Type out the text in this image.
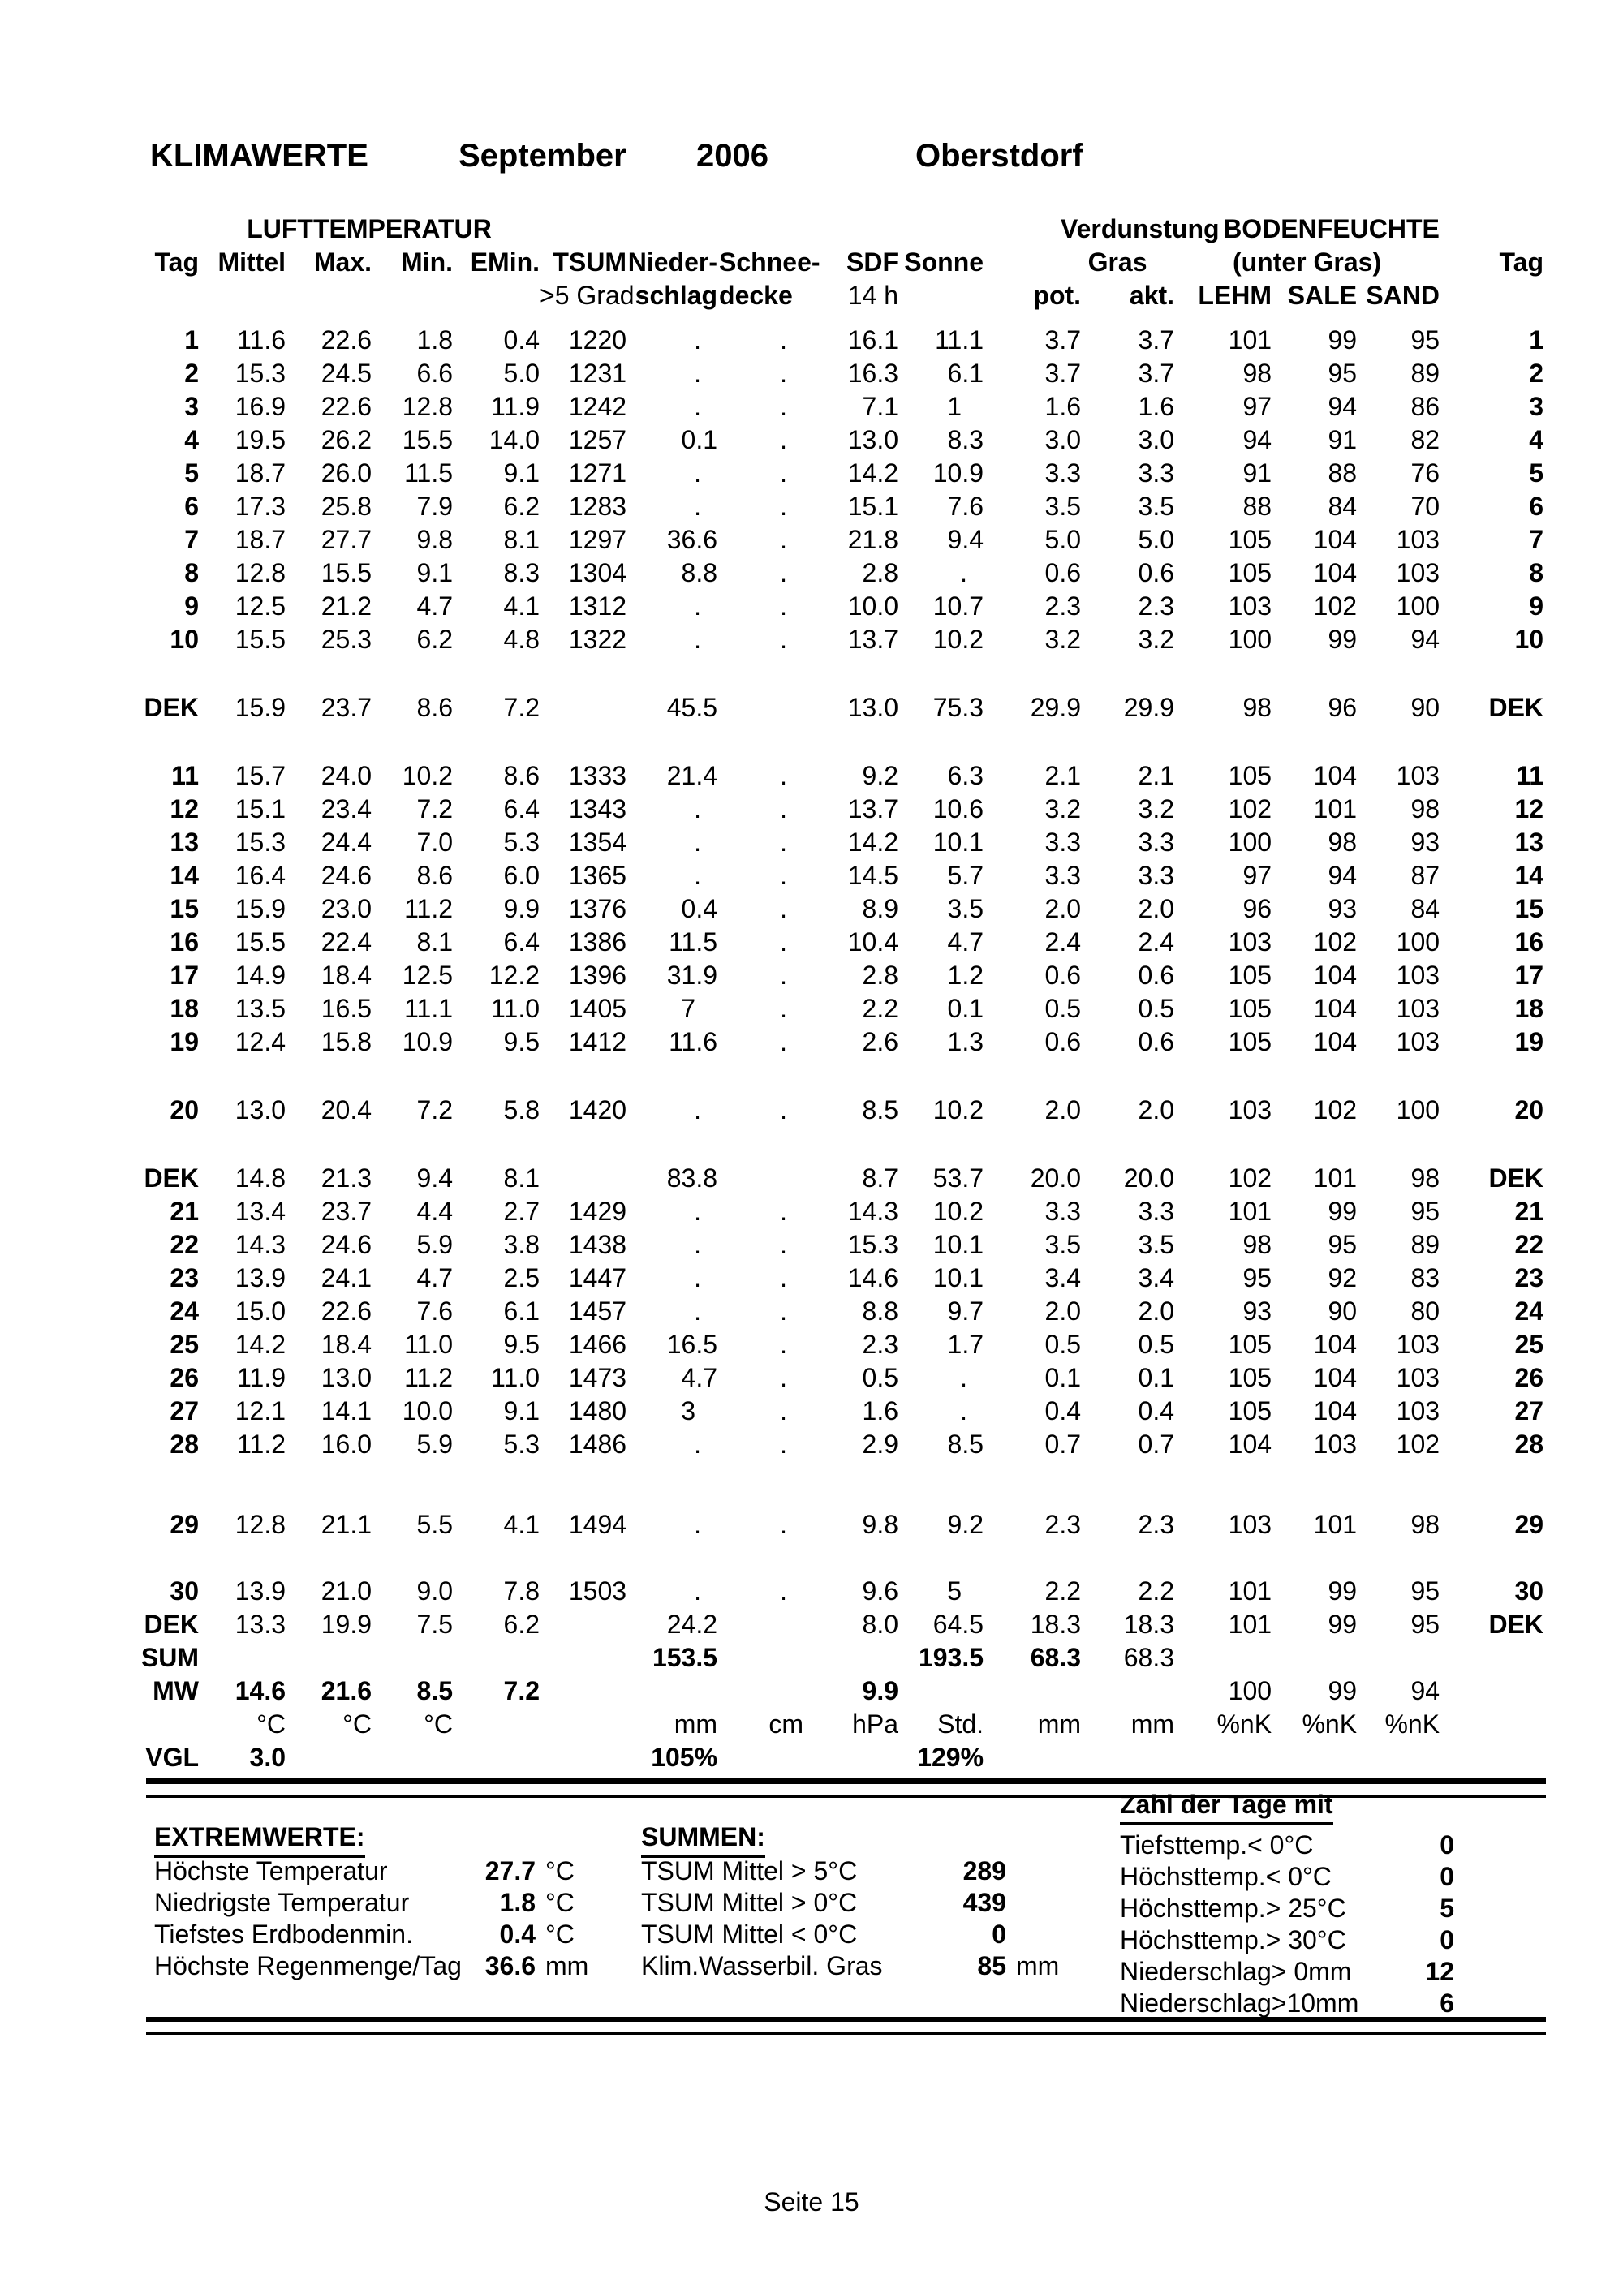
KLIMAWERTE	September 2006	Oberstdorf
	LUFTTEMPERATUR									Verdunstung		BODENFEUCHTE			
Tag	Mittel	Max.	Min.	EMin.	TSUM	Nieder-	Schnee-	SDF	Sonne	Gras		(unter Gras)			Tag
					>5 Grad	schlag	decke	14 h		pot.	akt.	LEHM	SALE	SAND	

1	11.6	22.6	1.8	0.4	1220	.	.	16.1	11.1	3.7	3.7	101	99	95	1
2	15.3	24.5	6.6	5.0	1231	.	.	16.3	6.1	3.7	3.7	98	95	89	2
3	16.9	22.6	12.8	11.9	1242	.	.	7.1	1	1.6	1.6	97	94	86	3
4	19.5	26.2	15.5	14.0	1257	0.1	.	13.0	8.3	3.0	3.0	94	91	82	4
5	18.7	26.0	11.5	9.1	1271	.	.	14.2	10.9	3.3	3.3	91	88	76	5
6	17.3	25.8	7.9	6.2	1283	.	.	15.1	7.6	3.5	3.5	88	84	70	6
7	18.7	27.7	9.8	8.1	1297	36.6	.	21.8	9.4	5.0	5.0	105	104	103	7
8	12.8	15.5	9.1	8.3	1304	8.8	.	2.8	.	0.6	0.6	105	104	103	8
9	12.5	21.2	4.7	4.1	1312	.	.	10.0	10.7	2.3	2.3	103	102	100	9
10	15.5	25.3	6.2	4.8	1322	.	.	13.7	10.2	3.2	3.2	100	99	94	10

DEK	15.9	23.7	8.6	7.2		45.5		13.0	75.3	29.9	29.9	98	96	90	DEK

11	15.7	24.0	10.2	8.6	1333	21.4	.	9.2	6.3	2.1	2.1	105	104	103	11
12	15.1	23.4	7.2	6.4	1343	.	.	13.7	10.6	3.2	3.2	102	101	98	12
13	15.3	24.4	7.0	5.3	1354	.	.	14.2	10.1	3.3	3.3	100	98	93	13
14	16.4	24.6	8.6	6.0	1365	.	.	14.5	5.7	3.3	3.3	97	94	87	14
15	15.9	23.0	11.2	9.9	1376	0.4	.	8.9	3.5	2.0	2.0	96	93	84	15
16	15.5	22.4	8.1	6.4	1386	11.5	.	10.4	4.7	2.4	2.4	103	102	100	16
17	14.9	18.4	12.5	12.2	1396	31.9	.	2.8	1.2	0.6	0.6	105	104	103	17
18	13.5	16.5	11.1	11.0	1405	7	.	2.2	0.1	0.5	0.5	105	104	103	18
19	12.4	15.8	10.9	9.5	1412	11.6	.	2.6	1.3	0.6	0.6	105	104	103	19

20	13.0	20.4	7.2	5.8	1420	.	.	8.5	10.2	2.0	2.0	103	102	100	20

DEK	14.8	21.3	9.4	8.1		83.8		8.7	53.7	20.0	20.0	102	101	98	DEK
21	13.4	23.7	4.4	2.7	1429	.	.	14.3	10.2	3.3	3.3	101	99	95	21
22	14.3	24.6	5.9	3.8	1438	.	.	15.3	10.1	3.5	3.5	98	95	89	22
23	13.9	24.1	4.7	2.5	1447	.	.	14.6	10.1	3.4	3.4	95	92	83	23
24	15.0	22.6	7.6	6.1	1457	.	.	8.8	9.7	2.0	2.0	93	90	80	24
25	14.2	18.4	11.0	9.5	1466	16.5	.	2.3	1.7	0.5	0.5	105	104	103	25
26	11.9	13.0	11.2	11.0	1473	4.7	.	0.5	.	0.1	0.1	105	104	103	26
27	12.1	14.1	10.0	9.1	1480	3	.	1.6	.	0.4	0.4	105	104	103	27
28	11.2	16.0	5.9	5.3	1486	.	.	2.9	8.5	0.7	0.7	104	103	102	28

29	12.8	21.1	5.5	4.1	1494	.	.	9.8	9.2	2.3	2.3	103	101	98	29

30	13.9	21.0	9.0	7.8	1503	.	.	9.6	5	2.2	2.2	101	99	95	30
DEK	13.3	19.9	7.5	6.2		24.2		8.0	64.5	18.3	18.3	101	99	95	DEK
SUM						153.5			193.5	68.3	68.3				
MW	14.6	21.6	8.5	7.2				9.9				100	99	94	
	°C	°C	°C			mm	cm	hPa	Std.	mm	mm	%nK	%nK	%nK	
VGL	3.0					105%			129%						
EXTREMWERTE:
Höchste Temperatur	27.7 °C
Niedrigste Temperatur	1.8 °C
Tiefstes Erdbodenmin.	0.4 °C
Höchste Regenmenge/Tag 36.6 mm
SUMMEN:
TSUM Mittel > 5°C	289
TSUM Mittel > 0°C	439
TSUM Mittel < 0°C	0
Klim.Wasserbil. Gras	85 mm
Zahl der Tage mit
Tiefsttemp.< 0°C	0
Höchsttemp.< 0°C	0
Höchsttemp.> 25°C	5
Höchsttemp.> 30°C	0
Niederschlag> 0mm	12
Niederschlag>10mm	6
Seite 15
